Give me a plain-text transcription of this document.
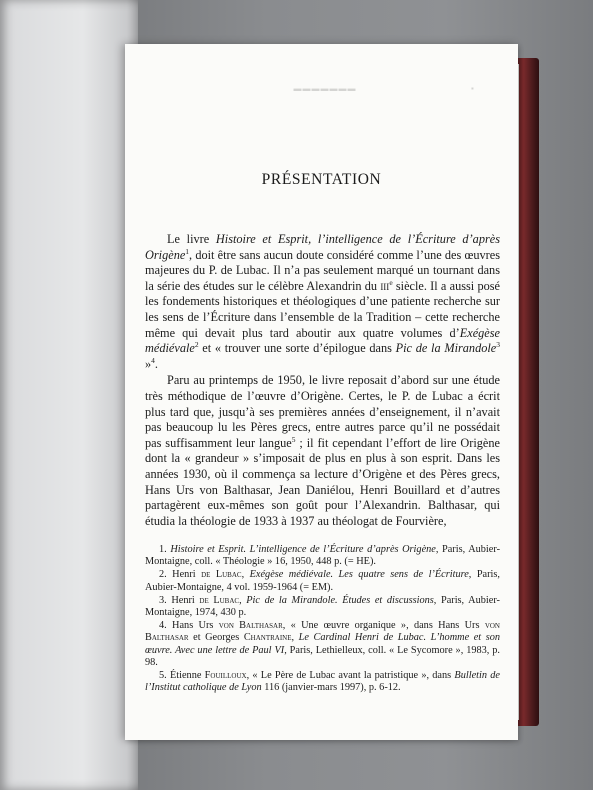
▬▬▬▬▬▬▬	▪
PRÉSENTATION

Le livre Histoire et Esprit, l’intelligence de l’Écriture d’après Origène$^1$, doit être sans aucun doute considéré comme l’une des œuvres majeures du P. de Lubac. Il n’a pas seulement marqué un tournant dans la série des études sur le célèbre Alexandrin du iii$^e$ siècle. Il a aussi posé les fondements historiques et théologiques d’une patiente recherche sur les sens de l’Écriture dans l’ensemble de la Tradition – cette recherche même qui devait plus tard aboutir aux quatre volumes d’Exégèse médiévale$^2$ et « trouver une sorte d’épilogue dans Pic de la Mirandole$^3$ »$^4$.

Paru au printemps de 1950, le livre reposait d’abord sur une étude très méthodique de l’œuvre d’Origène. Certes, le P. de Lubac a écrit plus tard que, jusqu’à ses premières années d’enseignement, il n’avait pas beaucoup lu les Pères grecs, entre autres parce qu’il ne possédait pas suffisamment leur langue$^5$ ; il fit cependant l’effort de lire Origène dont la « grandeur » s’imposait de plus en plus à son esprit. Dans les années 1930, où il commença sa lecture d’Origène et des Pères grecs, Hans Urs von Balthasar, Jean Daniélou, Henri Bouillard et d’autres partagèrent eux-mêmes son goût pour l’Alexandrin. Balthasar, qui étudia la théologie de 1933 à 1937 au théologat de Fourvière,

1. Histoire et Esprit. L’intelligence de l’Écriture d’après Origène, Paris, Aubier-Montaigne, coll. « Théologie » 16, 1950, 448 p. (= HE).

2. Henri de Lubac, Exégèse médiévale. Les quatre sens de l’Écriture, Paris, Aubier-Montaigne, 4 vol. 1959-1964 (= EM).

3. Henri de Lubac, Pic de la Mirandole. Études et discussions, Paris, Aubier-Montaigne, 1974, 430 p.

4. Hans Urs von Balthasar, « Une œuvre organique », dans Hans Urs von Balthasar et Georges Chantraine, Le Cardinal Henri de Lubac. L’homme et son œuvre. Avec une lettre de Paul VI, Paris, Lethielleux, coll. « Le Sycomore », 1983, p. 98.

5. Étienne Fouilloux, « Le Père de Lubac avant la patristique », dans Bulletin de l’Institut catholique de Lyon 116 (janvier-mars 1997), p. 6-12.
